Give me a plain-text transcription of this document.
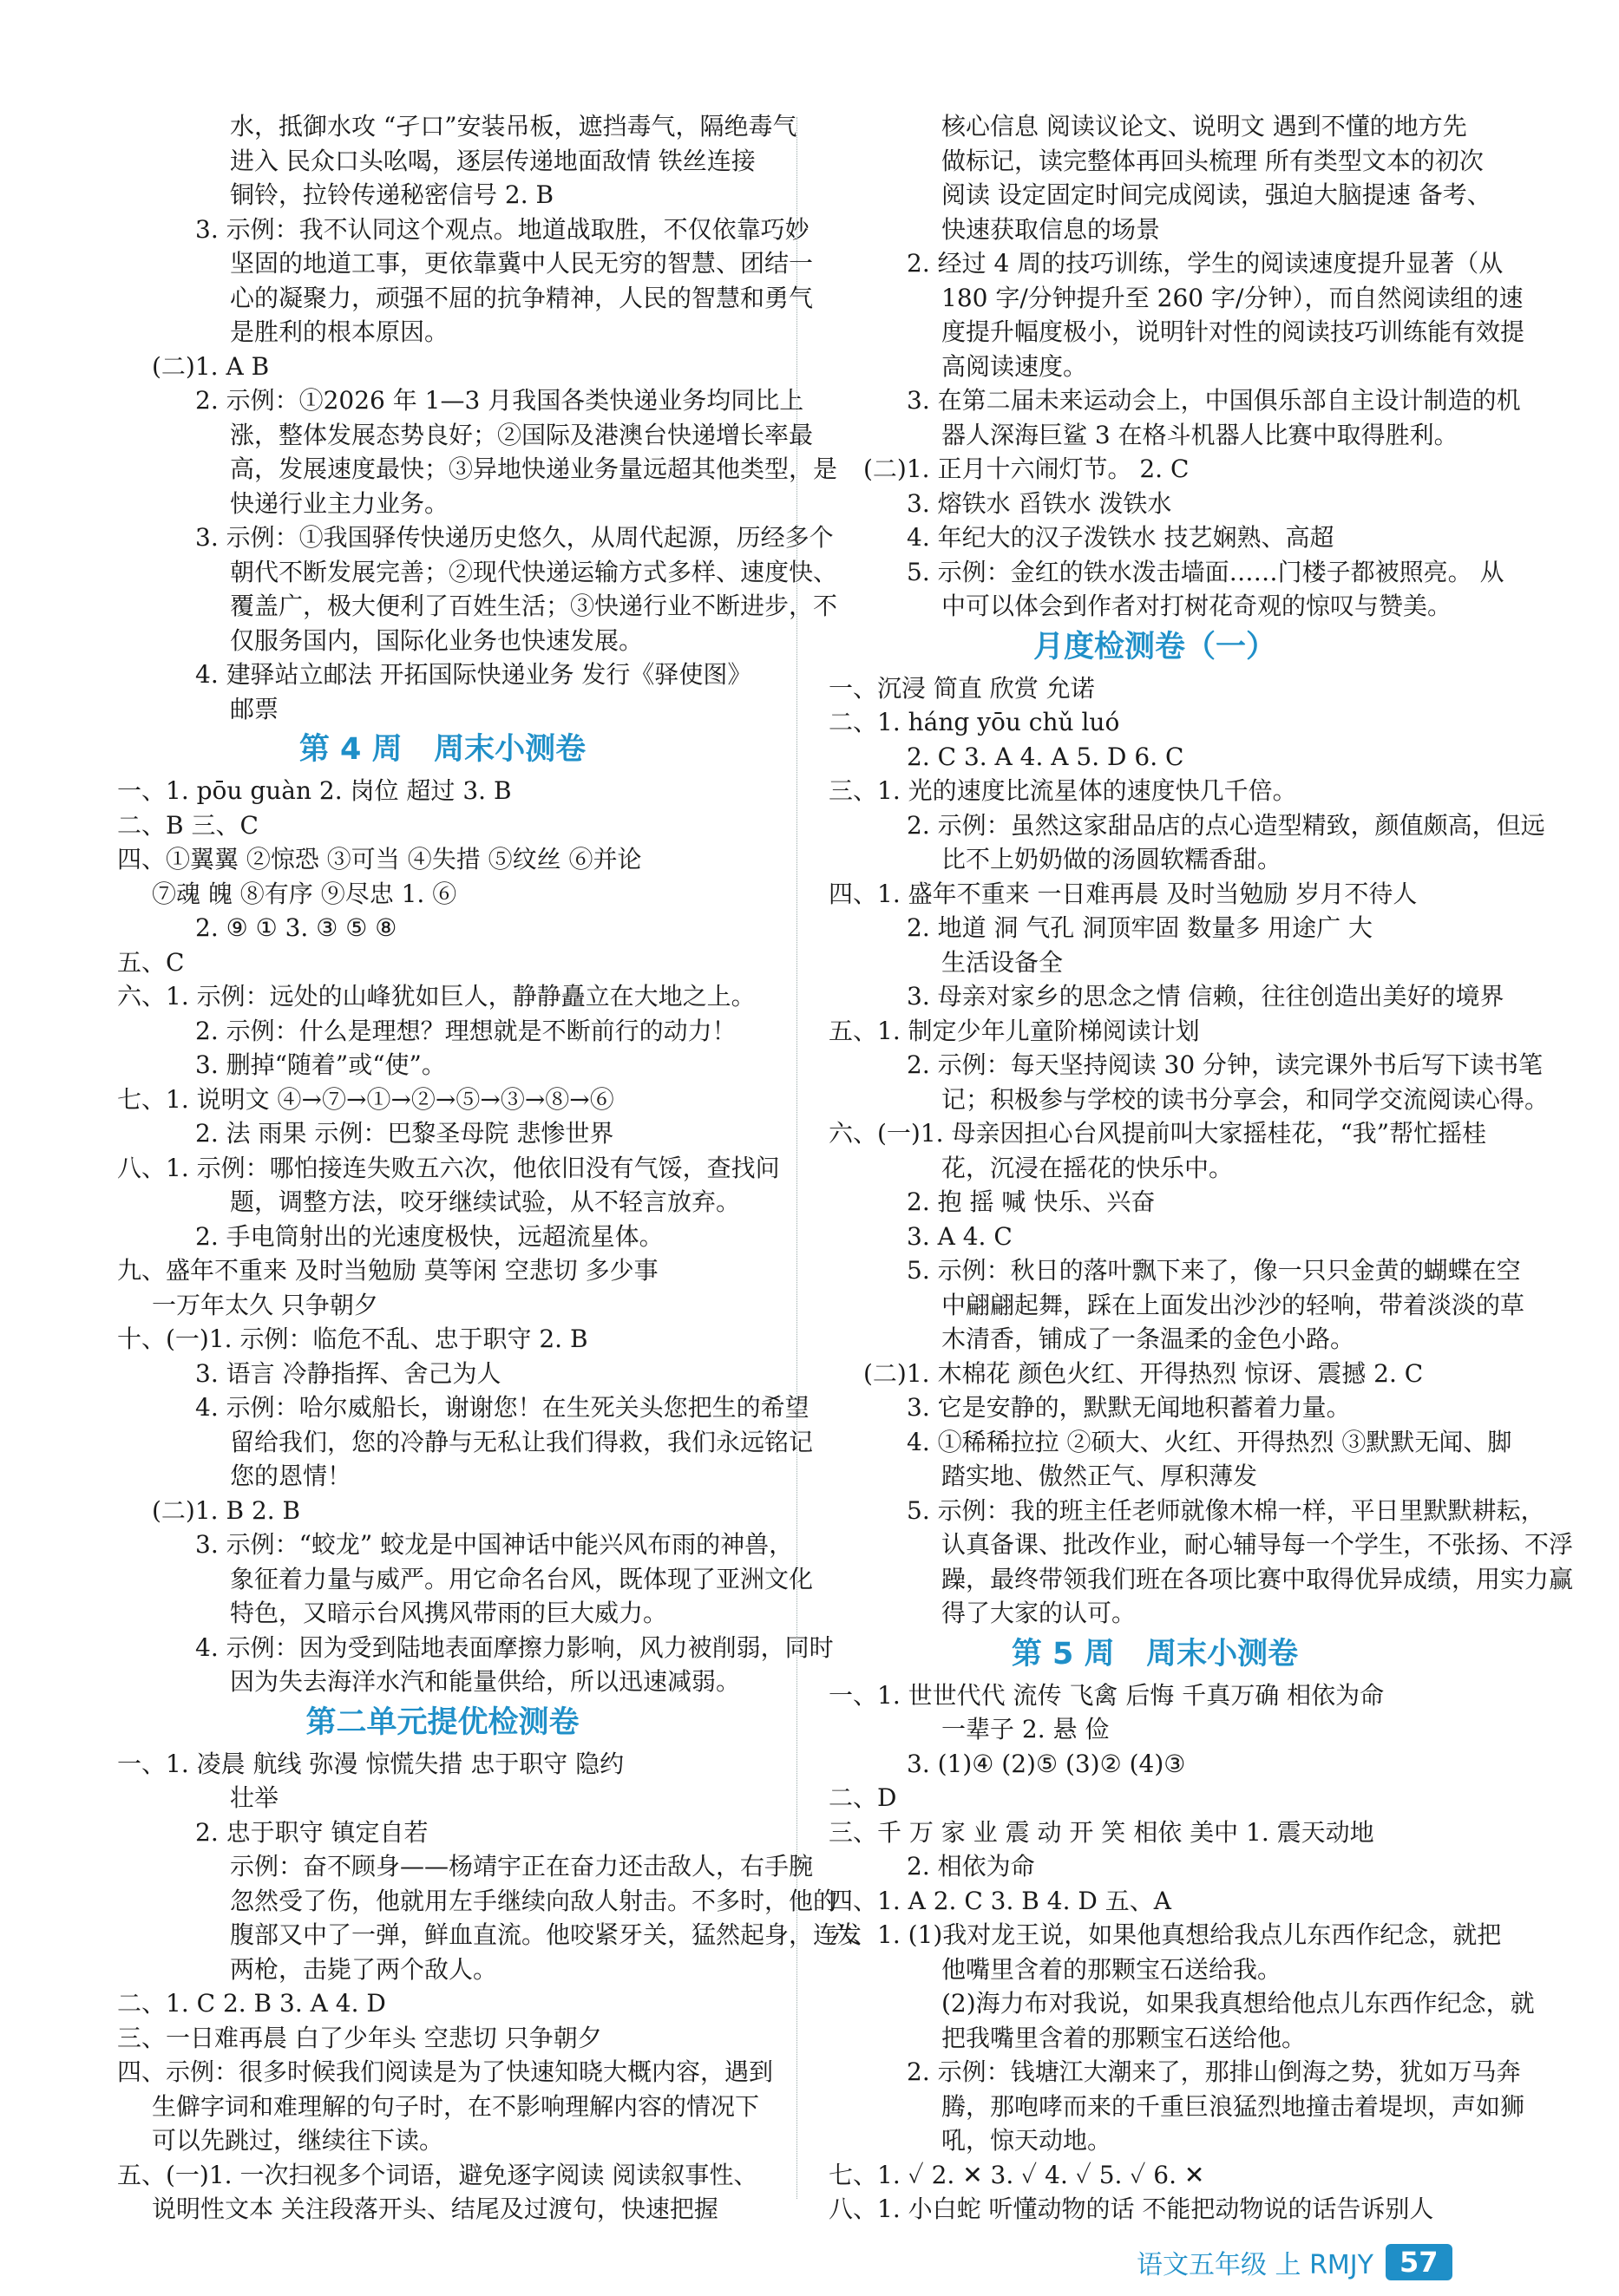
水，抵御水攻 “孑口”安装吊板，遮挡毒气，隔绝毒气
进入 民众口头吆喝，逐层传递地面敌情 铁丝连接
铜铃，拉铃传递秘密信号 2. B
3. 示例：我不认同这个观点。地道战取胜，不仅依靠巧妙
坚固的地道工事，更依靠冀中人民无穷的智慧、团结一
心的凝聚力，顽强不屈的抗争精神，人民的智慧和勇气
是胜利的根本原因。
(二)1. A B
2. 示例：①2026 年 1—3 月我国各类快递业务均同比上
涨，整体发展态势良好；②国际及港澳台快递增长率最
高，发展速度最快；③异地快递业务量远超其他类型，是
快递行业主力业务。
3. 示例：①我国驿传快递历史悠久，从周代起源，历经多个
朝代不断发展完善；②现代快递运输方式多样、速度快、
覆盖广，极大便利了百姓生活；③快递行业不断进步，不
仅服务国内，国际化业务也快速发展。
4. 建驿站立邮法 开拓国际快递业务 发行《驿使图》
邮票
第 4 周   周末小测卷
一、1. pōu guàn 2. 岗位 超过 3. B
二、B 三、C
四、①翼翼 ②惊恐 ③可当 ④失措 ⑤纹丝 ⑥并论
⑦魂 魄 ⑧有序 ⑨尽忠 1. ⑥
2. ⑨ ① 3. ③ ⑤ ⑧
五、C
六、1. 示例：远处的山峰犹如巨人，静静矗立在大地之上。
2. 示例：什么是理想？理想就是不断前行的动力！
3. 删掉“随着”或“使”。
七、1. 说明文 ④→⑦→①→②→⑤→③→⑧→⑥
2. 法 雨果 示例：巴黎圣母院 悲惨世界
八、1. 示例：哪怕接连失败五六次，他依旧没有气馁，查找问
题，调整方法，咬牙继续试验，从不轻言放弃。
2. 手电筒射出的光速度极快，远超流星体。
九、盛年不重来 及时当勉励 莫等闲 空悲切 多少事
一万年太久 只争朝夕
十、(一)1. 示例：临危不乱、忠于职守 2. B
3. 语言 冷静指挥、舍己为人
4. 示例：哈尔威船长，谢谢您！在生死关头您把生的希望
留给我们，您的冷静与无私让我们得救，我们永远铭记
您的恩情！
(二)1. B 2. B
3. 示例：“蛟龙” 蛟龙是中国神话中能兴风布雨的神兽，
象征着力量与威严。用它命名台风，既体现了亚洲文化
特色，又暗示台风携风带雨的巨大威力。
4. 示例：因为受到陆地表面摩擦力影响，风力被削弱，同时
因为失去海洋水汽和能量供给，所以迅速减弱。
第二单元提优检测卷
一、1. 凌晨 航线 弥漫 惊慌失措 忠于职守 隐约
壮举
2. 忠于职守 镇定自若
示例：奋不顾身——杨靖宇正在奋力还击敌人，右手腕
忽然受了伤，他就用左手继续向敌人射击。不多时，他的
腹部又中了一弹，鲜血直流。他咬紧牙关，猛然起身，连发
两枪，击毙了两个敌人。
二、1. C 2. B 3. A 4. D
三、一日难再晨 白了少年头 空悲切 只争朝夕
四、示例：很多时候我们阅读是为了快速知晓大概内容，遇到
生僻字词和难理解的句子时，在不影响理解内容的情况下
可以先跳过，继续往下读。
五、(一)1. 一次扫视多个词语，避免逐字阅读 阅读叙事性、
说明性文本 关注段落开头、结尾及过渡句，快速把握
核心信息 阅读议论文、说明文 遇到不懂的地方先
做标记，读完整体再回头梳理 所有类型文本的初次
阅读 设定固定时间完成阅读，强迫大脑提速 备考、
快速获取信息的场景
2. 经过 4 周的技巧训练，学生的阅读速度提升显著（从
180 字/分钟提升至 260 字/分钟），而自然阅读组的速
度提升幅度极小，说明针对性的阅读技巧训练能有效提
高阅读速度。
3. 在第二届未来运动会上，中国俱乐部自主设计制造的机
器人深海巨鲨 3 在格斗机器人比赛中取得胜利。
(二)1. 正月十六闹灯节。 2. C
3. 熔铁水 舀铁水 泼铁水
4. 年纪大的汉子泼铁水 技艺娴熟、高超
5. 示例：金红的铁水泼击墙面……门楼子都被照亮。 从
中可以体会到作者对打树花奇观的惊叹与赞美。
月度检测卷（一）
一、沉浸 简直 欣赏 允诺
二、1. háng yōu chǔ luó
2. C 3. A 4. A 5. D 6. C
三、1. 光的速度比流星体的速度快几千倍。
2. 示例：虽然这家甜品店的点心造型精致，颜值颇高，但远
比不上奶奶做的汤圆软糯香甜。
四、1. 盛年不重来 一日难再晨 及时当勉励 岁月不待人
2. 地道 洞 气孔 洞顶牢固 数量多 用途广 大
生活设备全
3. 母亲对家乡的思念之情 信赖，往往创造出美好的境界
五、1. 制定少年儿童阶梯阅读计划
2. 示例：每天坚持阅读 30 分钟，读完课外书后写下读书笔
记；积极参与学校的读书分享会，和同学交流阅读心得。
六、(一)1. 母亲因担心台风提前叫大家摇桂花，“我”帮忙摇桂
花，沉浸在摇花的快乐中。
2. 抱 摇 喊 快乐、兴奋
3. A 4. C
5. 示例：秋日的落叶飘下来了，像一只只金黄的蝴蝶在空
中翩翩起舞，踩在上面发出沙沙的轻响，带着淡淡的草
木清香，铺成了一条温柔的金色小路。
(二)1. 木棉花 颜色火红、开得热烈 惊讶、震撼 2. C
3. 它是安静的，默默无闻地积蓄着力量。
4. ①稀稀拉拉 ②硕大、火红、开得热烈 ③默默无闻、脚
踏实地、傲然正气、厚积薄发
5. 示例：我的班主任老师就像木棉一样，平日里默默耕耘，
认真备课、批改作业，耐心辅导每一个学生，不张扬、不浮
躁，最终带领我们班在各项比赛中取得优异成绩，用实力赢
得了大家的认可。
第 5 周   周末小测卷
一、1. 世世代代 流传 飞禽 后悔 千真万确 相依为命
一辈子 2. 悬 俭
3. (1)④ (2)⑤ (3)② (4)③
二、D
三、千 万 家 业 震 动 开 笑 相依 美中 1. 震天动地
2. 相依为命
四、1. A 2. C 3. B 4. D 五、A
六、1. (1)我对龙王说，如果他真想给我点儿东西作纪念，就把
他嘴里含着的那颗宝石送给我。
(2)海力布对我说，如果我真想给他点儿东西作纪念，就
把我嘴里含着的那颗宝石送给他。
2. 示例：钱塘江大潮来了，那排山倒海之势，犹如万马奔
腾，那咆哮而来的千重巨浪猛烈地撞击着堤坝，声如狮
吼，惊天动地。
七、1. ✓ 2. ✕ 3. ✓ 4. ✓ 5. ✓ 6. ✕
八、1. 小白蛇 听懂动物的话 不能把动物说的话告诉别人
语文五年级 上 RMJY 57
